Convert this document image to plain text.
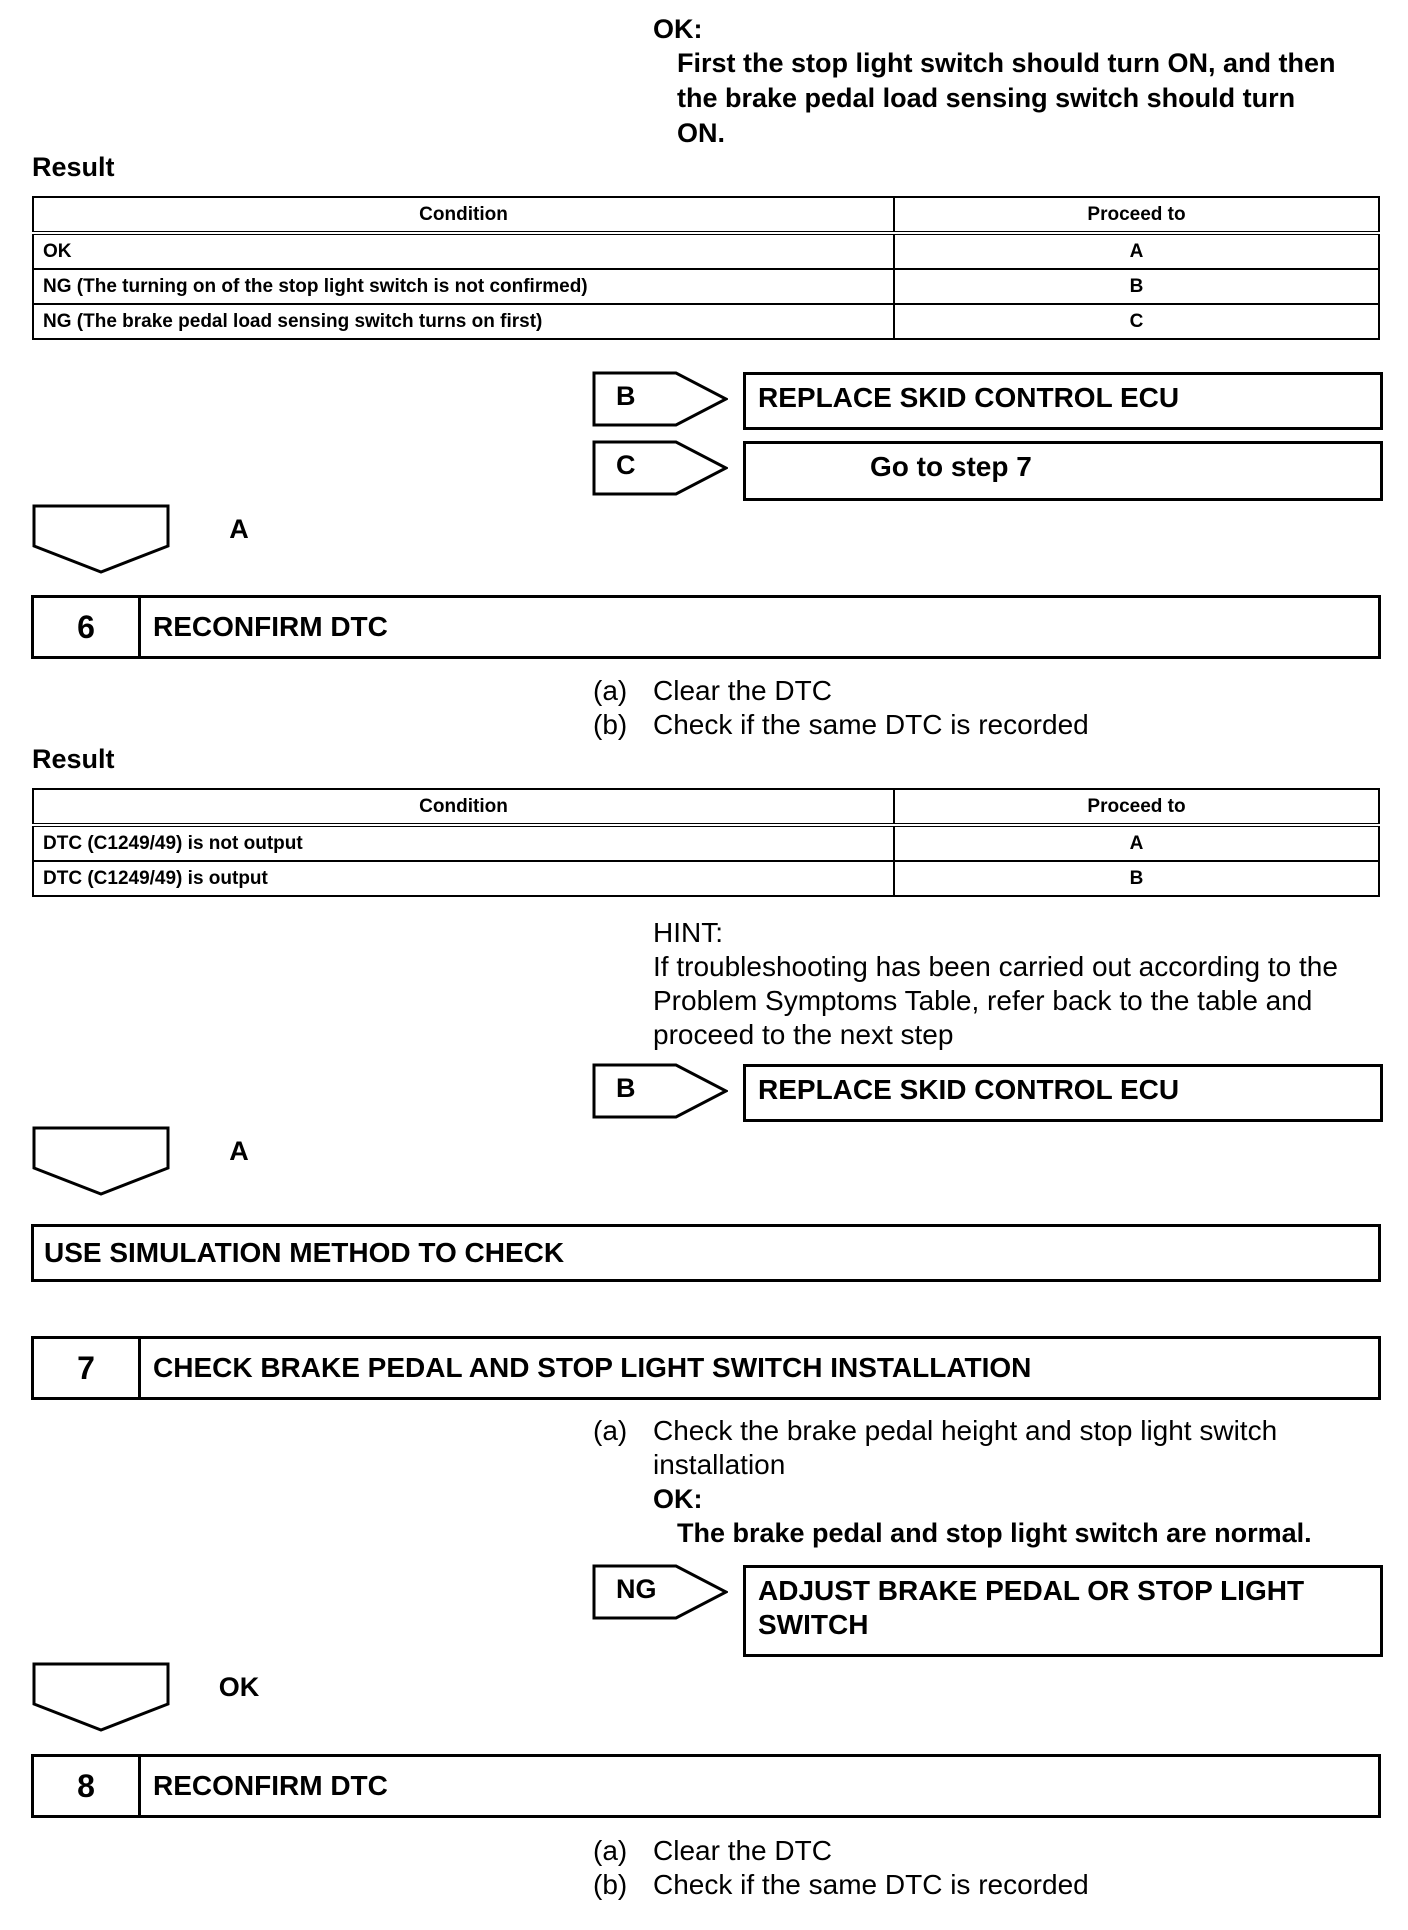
OK:
First the stop light switch should turn ON, and then
the brake pedal load sensing switch should turn
ON.
Result
Condition	Proceed to
OK	A
NG (The turning on of the stop light switch is not confirmed)	B
NG (The brake pedal load sensing switch turns on first)	C
B	REPLACE SKID CONTROL ECU
C	Go to step 7
A
6	RECONFIRM DTC
(a) Clear the DTC
(b) Check if the same DTC is recorded
Result
Condition	Proceed to
DTC (C1249/49) is not output	A
DTC (C1249/49) is output	B
HINT:
If troubleshooting has been carried out according to the
Problem Symptoms Table, refer back to the table and
proceed to the next step
B	REPLACE SKID CONTROL ECU
A
USE SIMULATION METHOD TO CHECK
7	CHECK BRAKE PEDAL AND STOP LIGHT SWITCH INSTALLATION
(a) Check the brake pedal height and stop light switch
installation
OK:
The brake pedal and stop light switch are normal.
NG	ADJUST BRAKE PEDAL OR STOP LIGHT
SWITCH
OK
8	RECONFIRM DTC
(a) Clear the DTC
(b) Check if the same DTC is recorded
